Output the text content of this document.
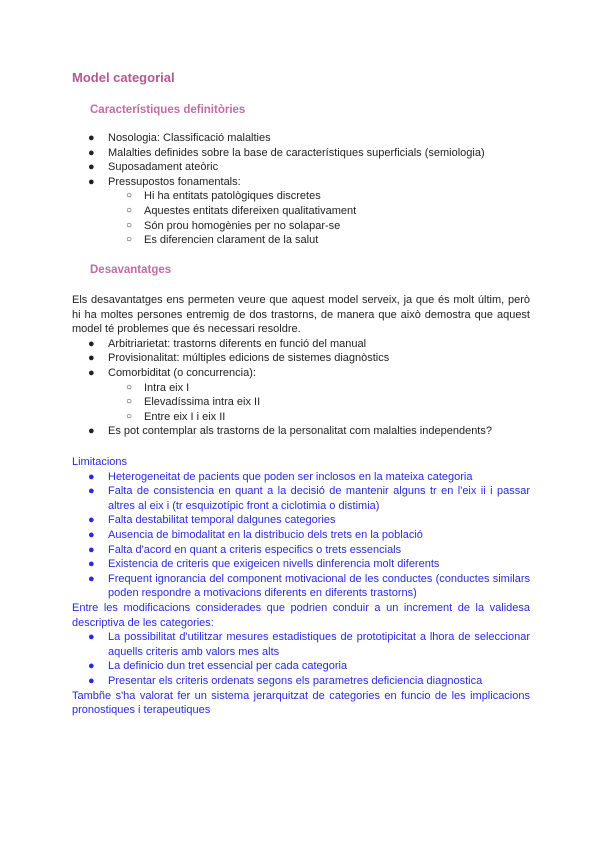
Model categorial
Característiques definitòries
● Nosologia: Classificació malalties
● Malalties definides sobre la base de característiques superficials (semiologia)
● Suposadament ateòric
● Pressupostos fonamentals:
○ Hi ha entitats patològiques discretes
○ Aquestes entitats difereixen qualitativament
○ Són prou homogènies per no solapar-se
○ Es diferencien clarament de la salut
Desavantatges

Els desavantatges ens permeten veure que aquest model serveix, ja que és molt últim, però hi ha moltes persones entremig de dos trastorns, de manera que això demostra que aquest model té problemes que és necessari resoldre.

● Arbitriarietat: trastorns diferents en funció del manual
● Provisionalitat: múltiples edicions de sistemes diagnòstics
● Comorbiditat (o concurrencia):
○ Intra eix I
○ Elevadíssima intra eix II
○ Entre eix I i eix II
● Es pot contemplar als trastorns de la personalitat com malalties independents?
Limitacions
● Heterogeneitat de pacients que poden ser inclosos en la mateixa categoria
● Falta de consistencia en quant a la decisió de mantenir alguns tr en l'eix ii i passar altres al eix i (tr esquizotípic front a ciclotimia o distimia)
● Falta destabilitat temporal dalgunes categories
● Ausencia de bimodalitat en la distribucio dels trets en la població
● Falta d'acord en quant a criteris especifics o trets essencials
● Existencia de criteris que exigeicen nivells dinferencia molt diferents
● Frequent ignorancia del component motivacional de les conductes (conductes similars poden respondre a motivacions diferents en diferents trastorns)

Entre les modificacions considerades que podrien conduir a un increment de la validesa descriptiva de les categories:

● La possibilitat d'utilitzar mesures estadistiques de prototipicitat a lhora de seleccionar aquells criteris amb valors mes alts
● La definicio dun tret essencial per cada categoria
● Presentar els criteris ordenats segons els parametres deficiencia diagnostica

Tambñe s'ha valorat fer un sistema jerarquitzat de categories en funcio de les implicacions pronostiques i terapeutiques
